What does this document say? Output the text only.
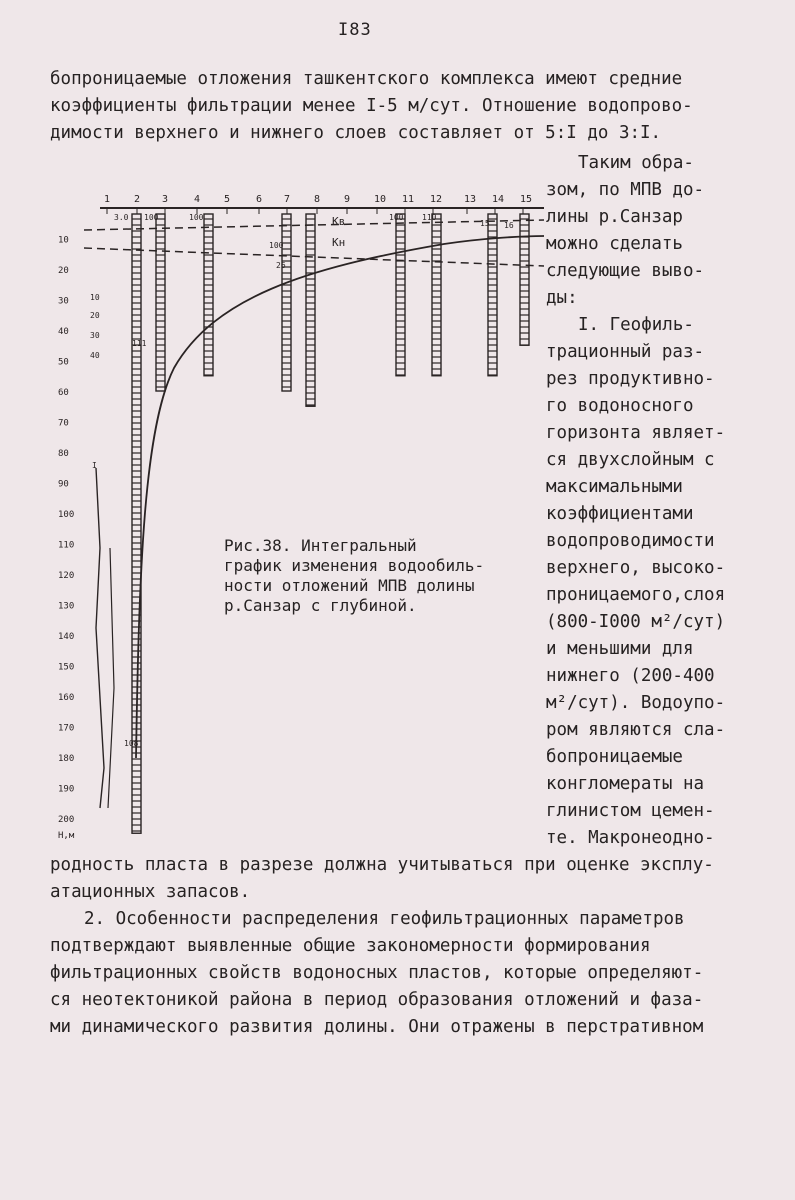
I83
бопроницаемые отложения ташкентского комплекса имеют средние
коэффициенты фильтрации менее I-5 м/сут. Отношение водопрово-
димости верхнего и нижнего слоев составляет от 5:I до 3:I.
1 2 3	4 5	6 7 8 9 10 11 12 13 14 15
10
20
30
40
50
60
70
80
90
100
110
120
130
140
150
160
170
180
190
200
Н,м
Кв
Кн
3.0 100	100
100
26
100 110
15 16
111
108
10
20
30
40
I
Рис.38. Интегральный
график изменения водообиль-
ности отложений МПВ долины
р.Санзар с глубиной.
Таким обра-
зом, по МПВ до-
лины р.Санзар
можно сделать
следующие выво-
ды:
I. Геофиль-
трационный раз-
рез продуктивно-
го водоносного
горизонта являет-
ся двухслойным с
максимальными
коэффициентами
водопроводимости
верхнего, высоко-
проницаемого,слоя
(800-I000 м²/сут)
и меньшими для
нижнего (200-400
м²/сут). Водоупо-
ром являются сла-
бопроницаемые
конгломераты на
глинистом цемен-
те. Макронеодно-
родность пласта в разрезе должна учитываться при оценке эксплу-
атационных запасов.
2. Особенности распределения геофильтрационных параметров
подтверждают выявленные общие закономерности формирования
фильтрационных свойств водоносных пластов, которые определяют-
ся неотектоникой района в период образования отложений и фаза-
ми динамического развития долины. Они отражены в перстративном
